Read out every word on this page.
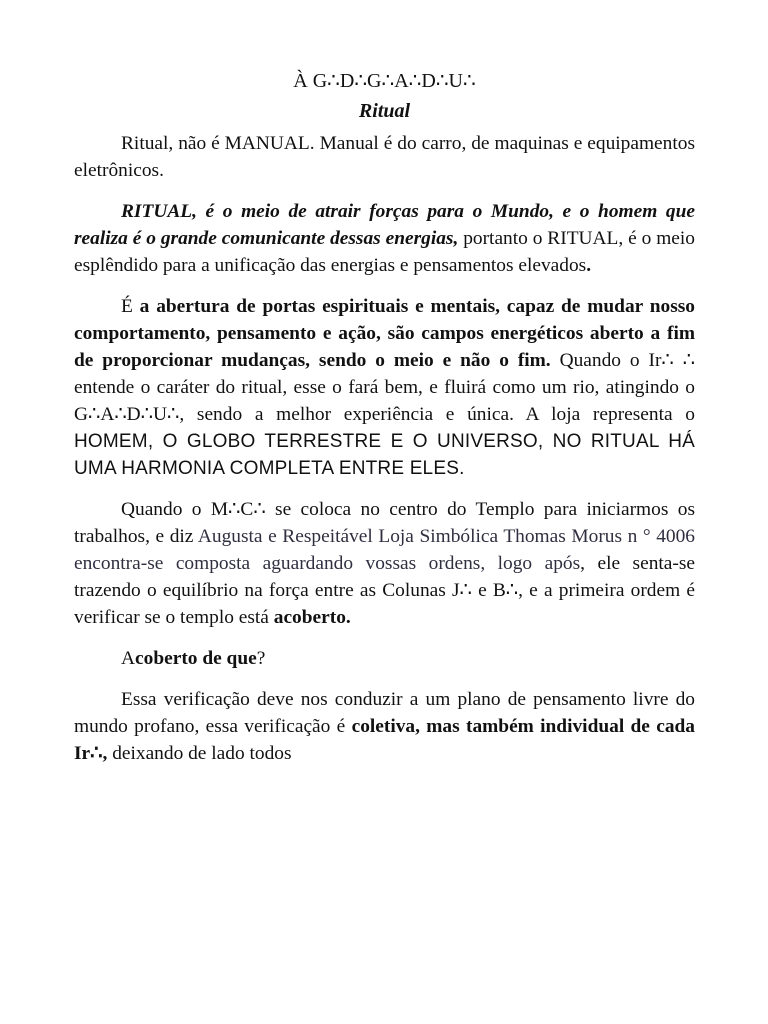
À G∴D∴G∴A∴D∴U∴
Ritual

Ritual, não é MANUAL. Manual é do carro, de maquinas e equipamentos eletrônicos.

RITUAL, é o meio de atrair forças para o Mundo, e o homem que realiza é o grande comunicante dessas energias, portanto o RITUAL, é o meio esplêndido para a unificação das energias e pensamentos elevados.

É a abertura de portas espirituais e mentais, capaz de mudar nosso comportamento, pensamento e ação, são campos energéticos aberto a fim de proporcionar mudanças, sendo o meio e não o fim. Quando o Ir∴ ∴ entende o caráter do ritual, esse o fará bem, e fluirá como um rio, atingindo o G∴A∴D∴U∴, sendo a melhor experiência e única. A loja representa o HOMEM, O GLOBO TERRESTRE E O UNIVERSO, NO RITUAL HÁ UMA HARMONIA COMPLETA ENTRE ELES.

Quando o M∴C∴ se coloca no centro do Templo para iniciarmos os trabalhos, e diz Augusta e Respeitável Loja Simbólica Thomas Morus n ° 4006 encontra-se composta aguardando vossas ordens, logo após, ele senta-se trazendo o equilíbrio na força entre as Colunas J∴ e B∴, e a primeira ordem é verificar se o templo está acoberto.

Acoberto de que?

Essa verificação deve nos conduzir a um plano de pensamento livre do mundo profano, essa verificação é coletiva, mas também individual de cada Ir∴, deixando de lado todos
